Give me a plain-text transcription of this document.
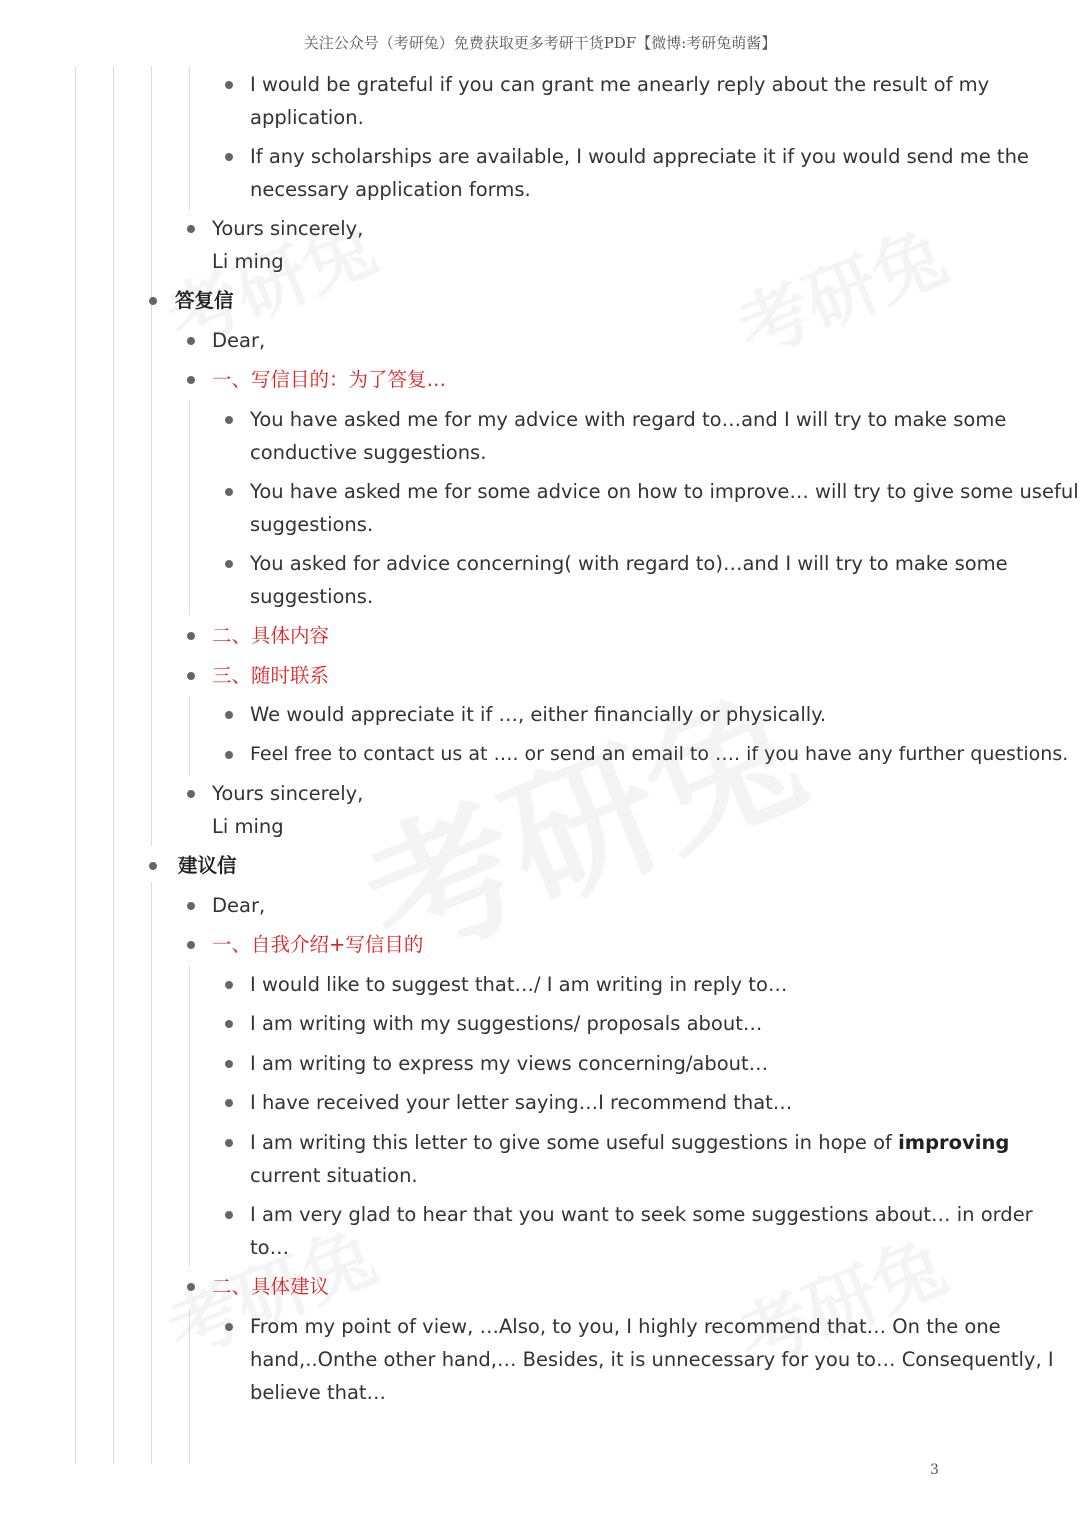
关注公众号（考研兔）免费获取更多考研干货PDF【微博:考研兔萌酱】
I would be grateful if you can grant me anearly reply about the result of my
application.
If any scholarships are available, I would appreciate it if you would send me the
necessary application forms.
Yours sincerely,
Li ming
答复信
Dear,
一、写信目的：为了答复…
You have asked me for my advice with regard to…and I will try to make some
conductive suggestions.
You have asked me for some advice on how to improve… will try to give some useful
suggestions.
You asked for advice concerning( with regard to)…and I will try to make some
suggestions.
二、具体内容
三、随时联系
We would appreciate it if …, either financially or physically.
Feel free to contact us at …. or send an email to …. if you have any further questions.
Yours sincerely,
Li ming
建议信
Dear,
一、自我介绍+写信目的
I would like to suggest that…/ I am writing in reply to…
I am writing with my suggestions/ proposals about…
I am writing to express my views concerning/about…
I have received your letter saying…I recommend that…
I am writing this letter to give some useful suggestions in hope of improving
current situation.
I am very glad to hear that you want to seek some suggestions about… in order
to…
二、具体建议
From my point of view, …Also, to you, I highly recommend that… On the one
hand,..Onthe other hand,… Besides, it is unnecessary for you to… Consequently, I
believe that…
3
